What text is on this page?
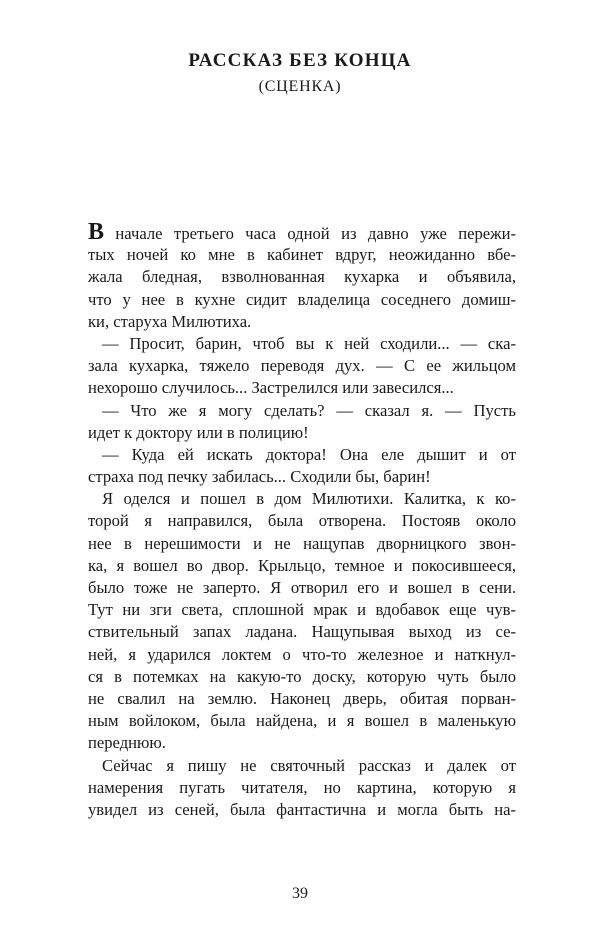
РАССКАЗ БЕЗ КОНЦА
(СЦЕНКА)
В начале третьего часа одной из давно уже пережи-
тых ночей ко мне в кабинет вдруг, неожиданно вбе-
жала бледная, взволнованная кухарка и объявила,
что у нее в кухне сидит владелица соседнего домиш-
ки, старуха Милютиха.
— Просит, барин, чтоб вы к ней сходили... — ска-
зала кухарка, тяжело переводя дух. — С ее жильцом
нехорошо случилось... Застрелился или завесился...
— Что же я могу сделать? — сказал я. — Пусть
идет к доктору или в полицию!
— Куда ей искать доктора! Она еле дышит и от
страха под печку забилась... Сходили бы, барин!
Я оделся и пошел в дом Милютихи. Калитка, к ко-
торой я направился, была отворена. Постояв около
нее в нерешимости и не нащупав дворницкого звон-
ка, я вошел во двор. Крыльцо, темное и покосившееся,
было тоже не заперто. Я отворил его и вошел в сени.
Тут ни зги света, сплошной мрак и вдобавок еще чув-
ствительный запах ладана. Нащупывая выход из се-
ней, я ударился локтем о что-то железное и наткнул-
ся в потемках на какую-то доску, которую чуть было
не свалил на землю. Наконец дверь, обитая порван-
ным войлоком, была найдена, и я вошел в маленькую
переднюю.
Сейчас я пишу не святочный рассказ и далек от
намерения пугать читателя, но картина, которую я
увидел из сеней, была фантастична и могла быть на-
39
